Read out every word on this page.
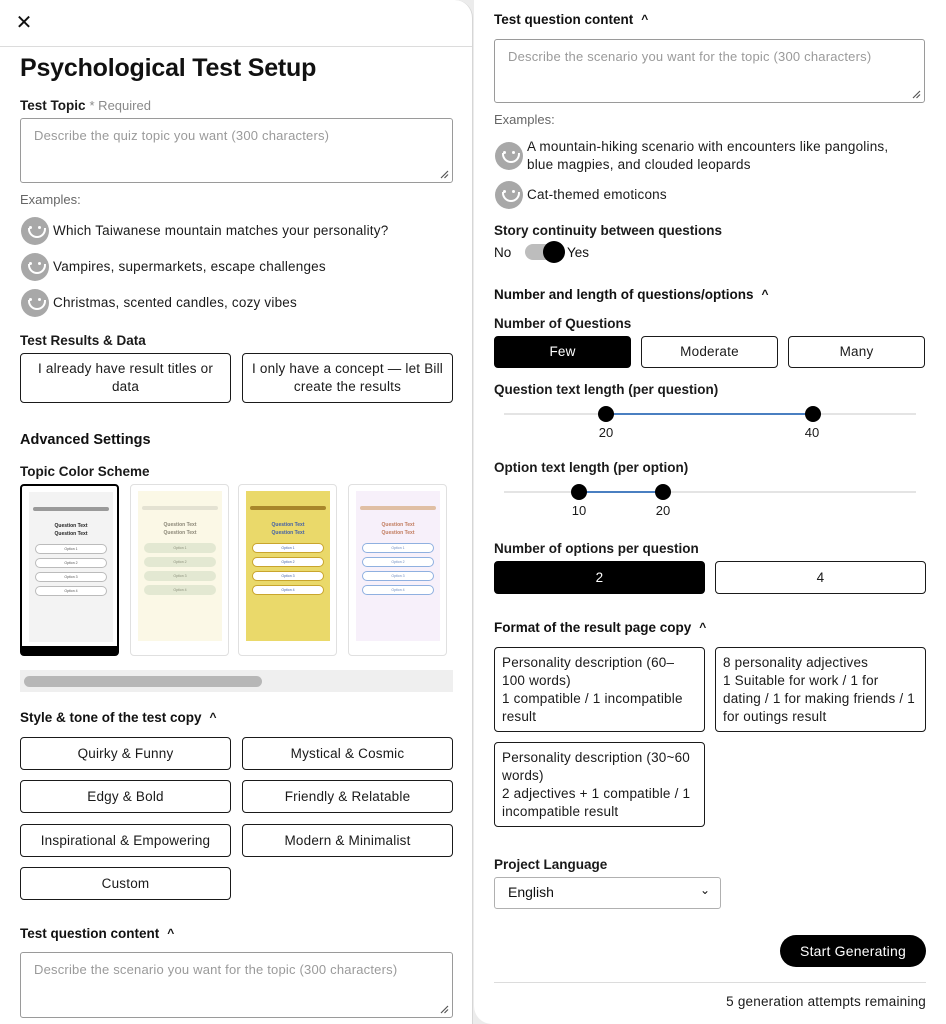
✕
Psychological Test Setup
Test Topic * Required
Describe the quiz topic you want (300 characters)
Examples:
Which Taiwanese mountain matches your personality?
Vampires, supermarkets, escape challenges
Christmas, scented candles, cozy vibes
Test Results & Data
I already have result titles or data
I only have a concept — let Bill create the results
Advanced Settings
Topic Color Scheme
Question Text
Question Text
Option 1
Option 2
Option 3
Option 4
Question Text
Question Text
Option 1
Option 2
Option 3
Option 4
Question Text
Question Text
Option 1
Option 2
Option 3
Option 4
Question Text
Question Text
Option 1
Option 2
Option 3
Option 4
Style & tone of the test copy ^
Quirky & Funny	Mystical & Cosmic
Edgy & Bold	Friendly & Relatable
Inspirational & Empowering	Modern & Minimalist
Custom
Test question content ^
Describe the scenario you want for the topic (300 characters)
Test question content ^
Describe the scenario you want for the topic (300 characters)
Examples:
A mountain-hiking scenario with encounters like pangolins, blue magpies, and clouded leopards
Cat-themed emoticons
Story continuity between questions
No	Yes
Number and length of questions/options ^
Number of Questions
Few	Moderate	Many
Question text length (per question)
20	40
Option text length (per option)
10	20
Number of options per question
2	4
Format of the result page copy ^
Personality description (60–100 words)
1 compatible / 1 incompatible result
8 personality adjectives
1 Suitable for work / 1 for dating / 1 for making friends / 1 for outings result
Personality description (30~60 words)
2 adjectives + 1 compatible / 1 incompatible result
Project Language
English	⌄
Start Generating
5 generation attempts remaining
